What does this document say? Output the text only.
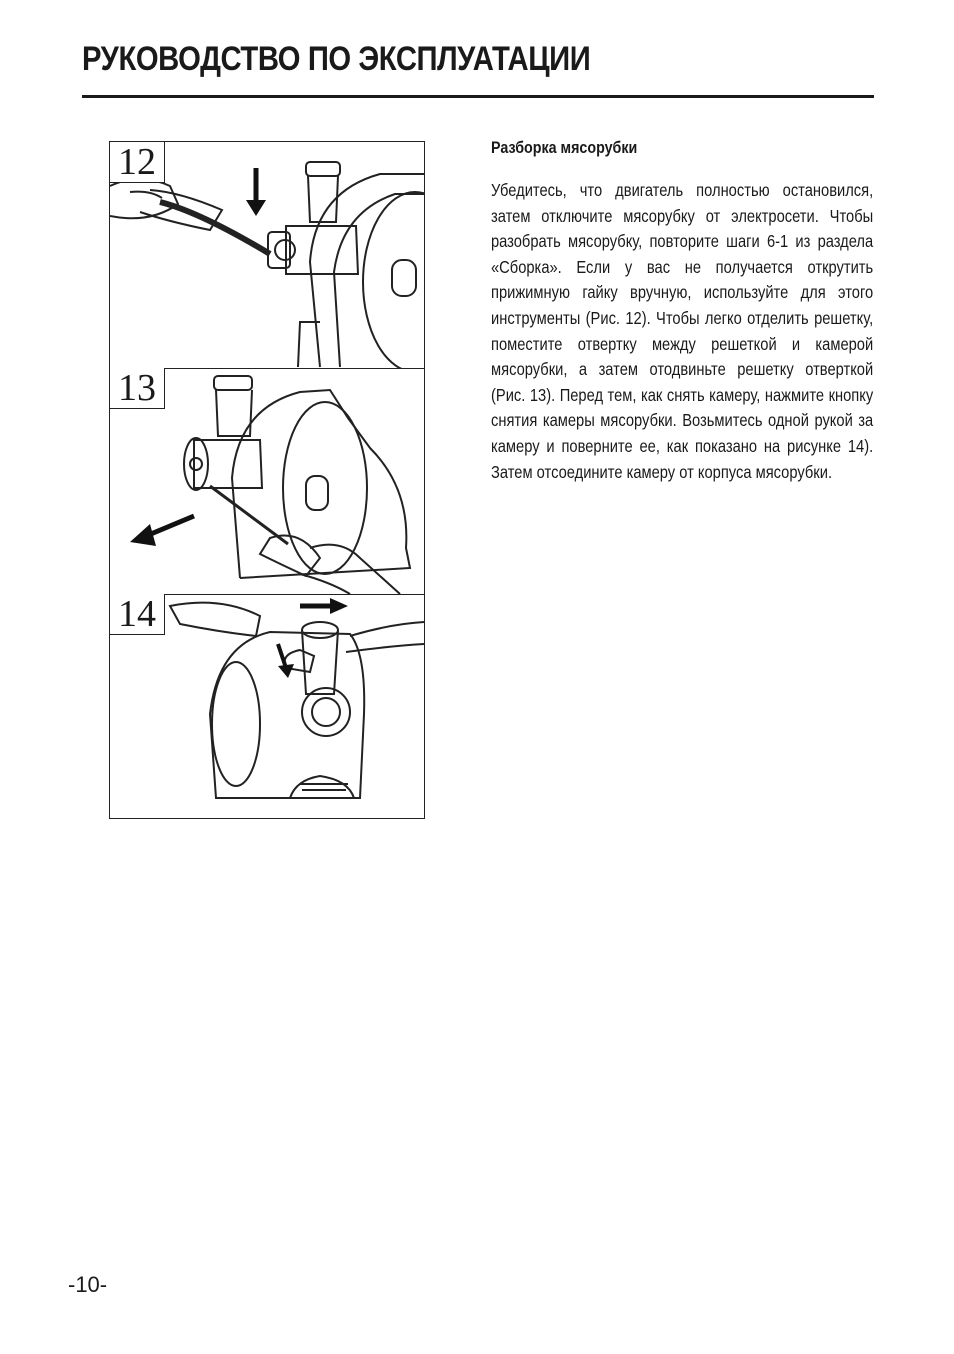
РУКОВОДСТВО ПО ЭКСПЛУАТАЦИИ
12
13
14
Разборка мясорубки

Убедитесь, что двигатель полностью остановился, затем отключите мясорубку от электросети. Чтобы разобрать мясорубку, повторите шаги 6-1 из раздела «Сборка». Если у вас не получается открутить прижимную гайку вручную, используйте для этого инструменты (Рис. 12). Чтобы легко отделить решетку, поместите отвертку между решеткой и камерой мясорубки, а затем отодвиньте решетку отверткой (Рис. 13). Перед тем, как снять камеру, нажмите кнопку снятия камеры мясорубки. Возьмитесь одной рукой за камеру и поверните ее, как показано на рисунке 14). Затем отсоедините камеру от корпуса мясорубки.

-10-
